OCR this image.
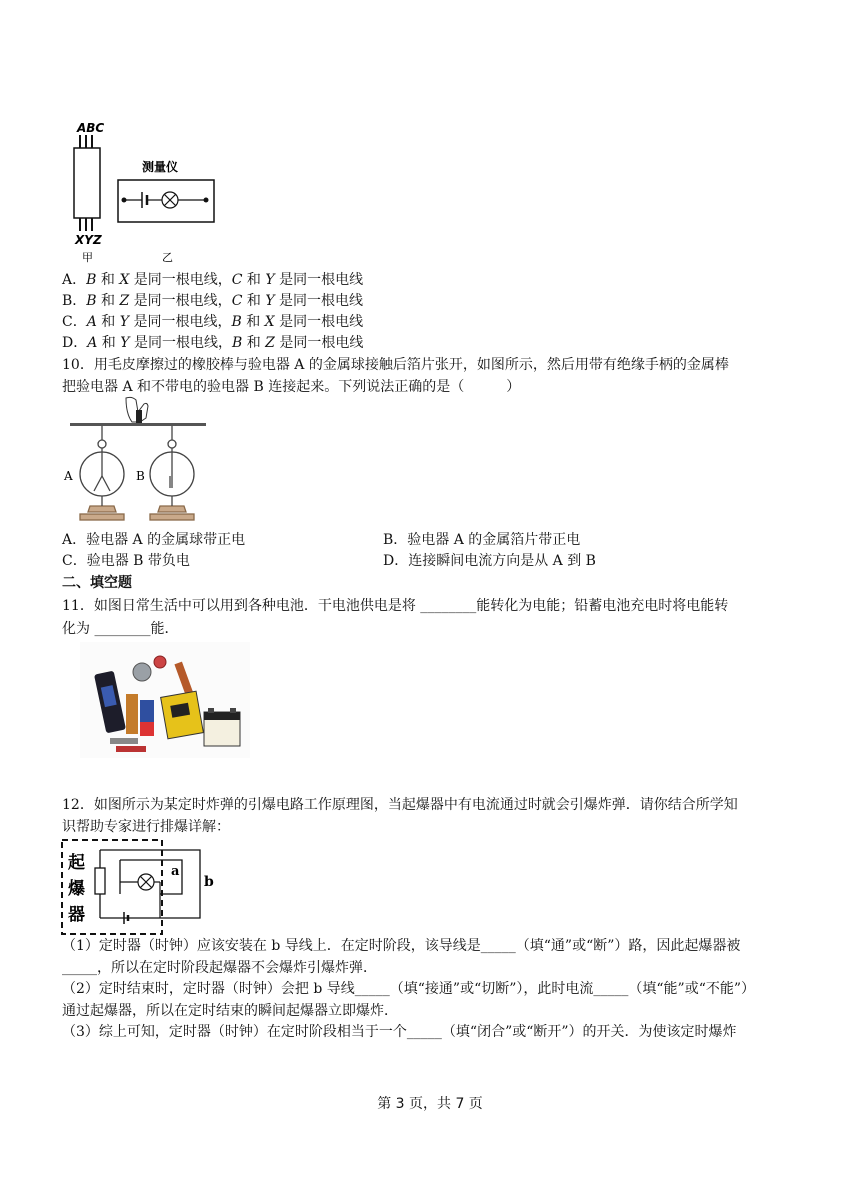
ABC
XYZ
甲
测量仪
乙
A．B 和 X 是同一根电线，C 和 Y 是同一根电线
B．B 和 Z 是同一根电线，C 和 Y 是同一根电线
C．A 和 Y 是同一根电线，B 和 X 是同一根电线
D．A 和 Y 是同一根电线，B 和 Z 是同一根电线
10．用毛皮摩擦过的橡胶棒与验电器 A 的金属球接触后箔片张开，如图所示，然后用带有绝缘手柄的金属棒
把验电器 A 和不带电的验电器 B 连接起来。下列说法正确的是（　　　）
A	B
A．验电器 A 的金属球带正电	B．验电器 A 的金属箔片带正电
C．验电器 B 带负电	D．连接瞬间电流方向是从 A 到 B
二、填空题
11．如图日常生活中可以用到各种电池．干电池供电是将 ________能转化为电能；铅蓄电池充电时将电能转
化为 ________能．
12．如图所示为某定时炸弹的引爆电路工作原理图，当起爆器中有电流通过时就会引爆炸弹．请你结合所学知
识帮助专家进行排爆详解：
起
爆
器
起爆器
a
b
（1）定时器（时钟）应该安装在 b 导线上．在定时阶段，该导线是_____（填“通”或“断”）路，因此起爆器被
_____，所以在定时阶段起爆器不会爆炸引爆炸弹．
（2）定时结束时，定时器（时钟）会把 b 导线_____（填“接通”或“切断”），此时电流_____（填“能”或“不能”）
通过起爆器，所以在定时结束的瞬间起爆器立即爆炸．
（3）综上可知，定时器（时钟）在定时阶段相当于一个_____（填“闭合”或“断开”）的开关．为使该定时爆炸
第 3 页，共 7 页
